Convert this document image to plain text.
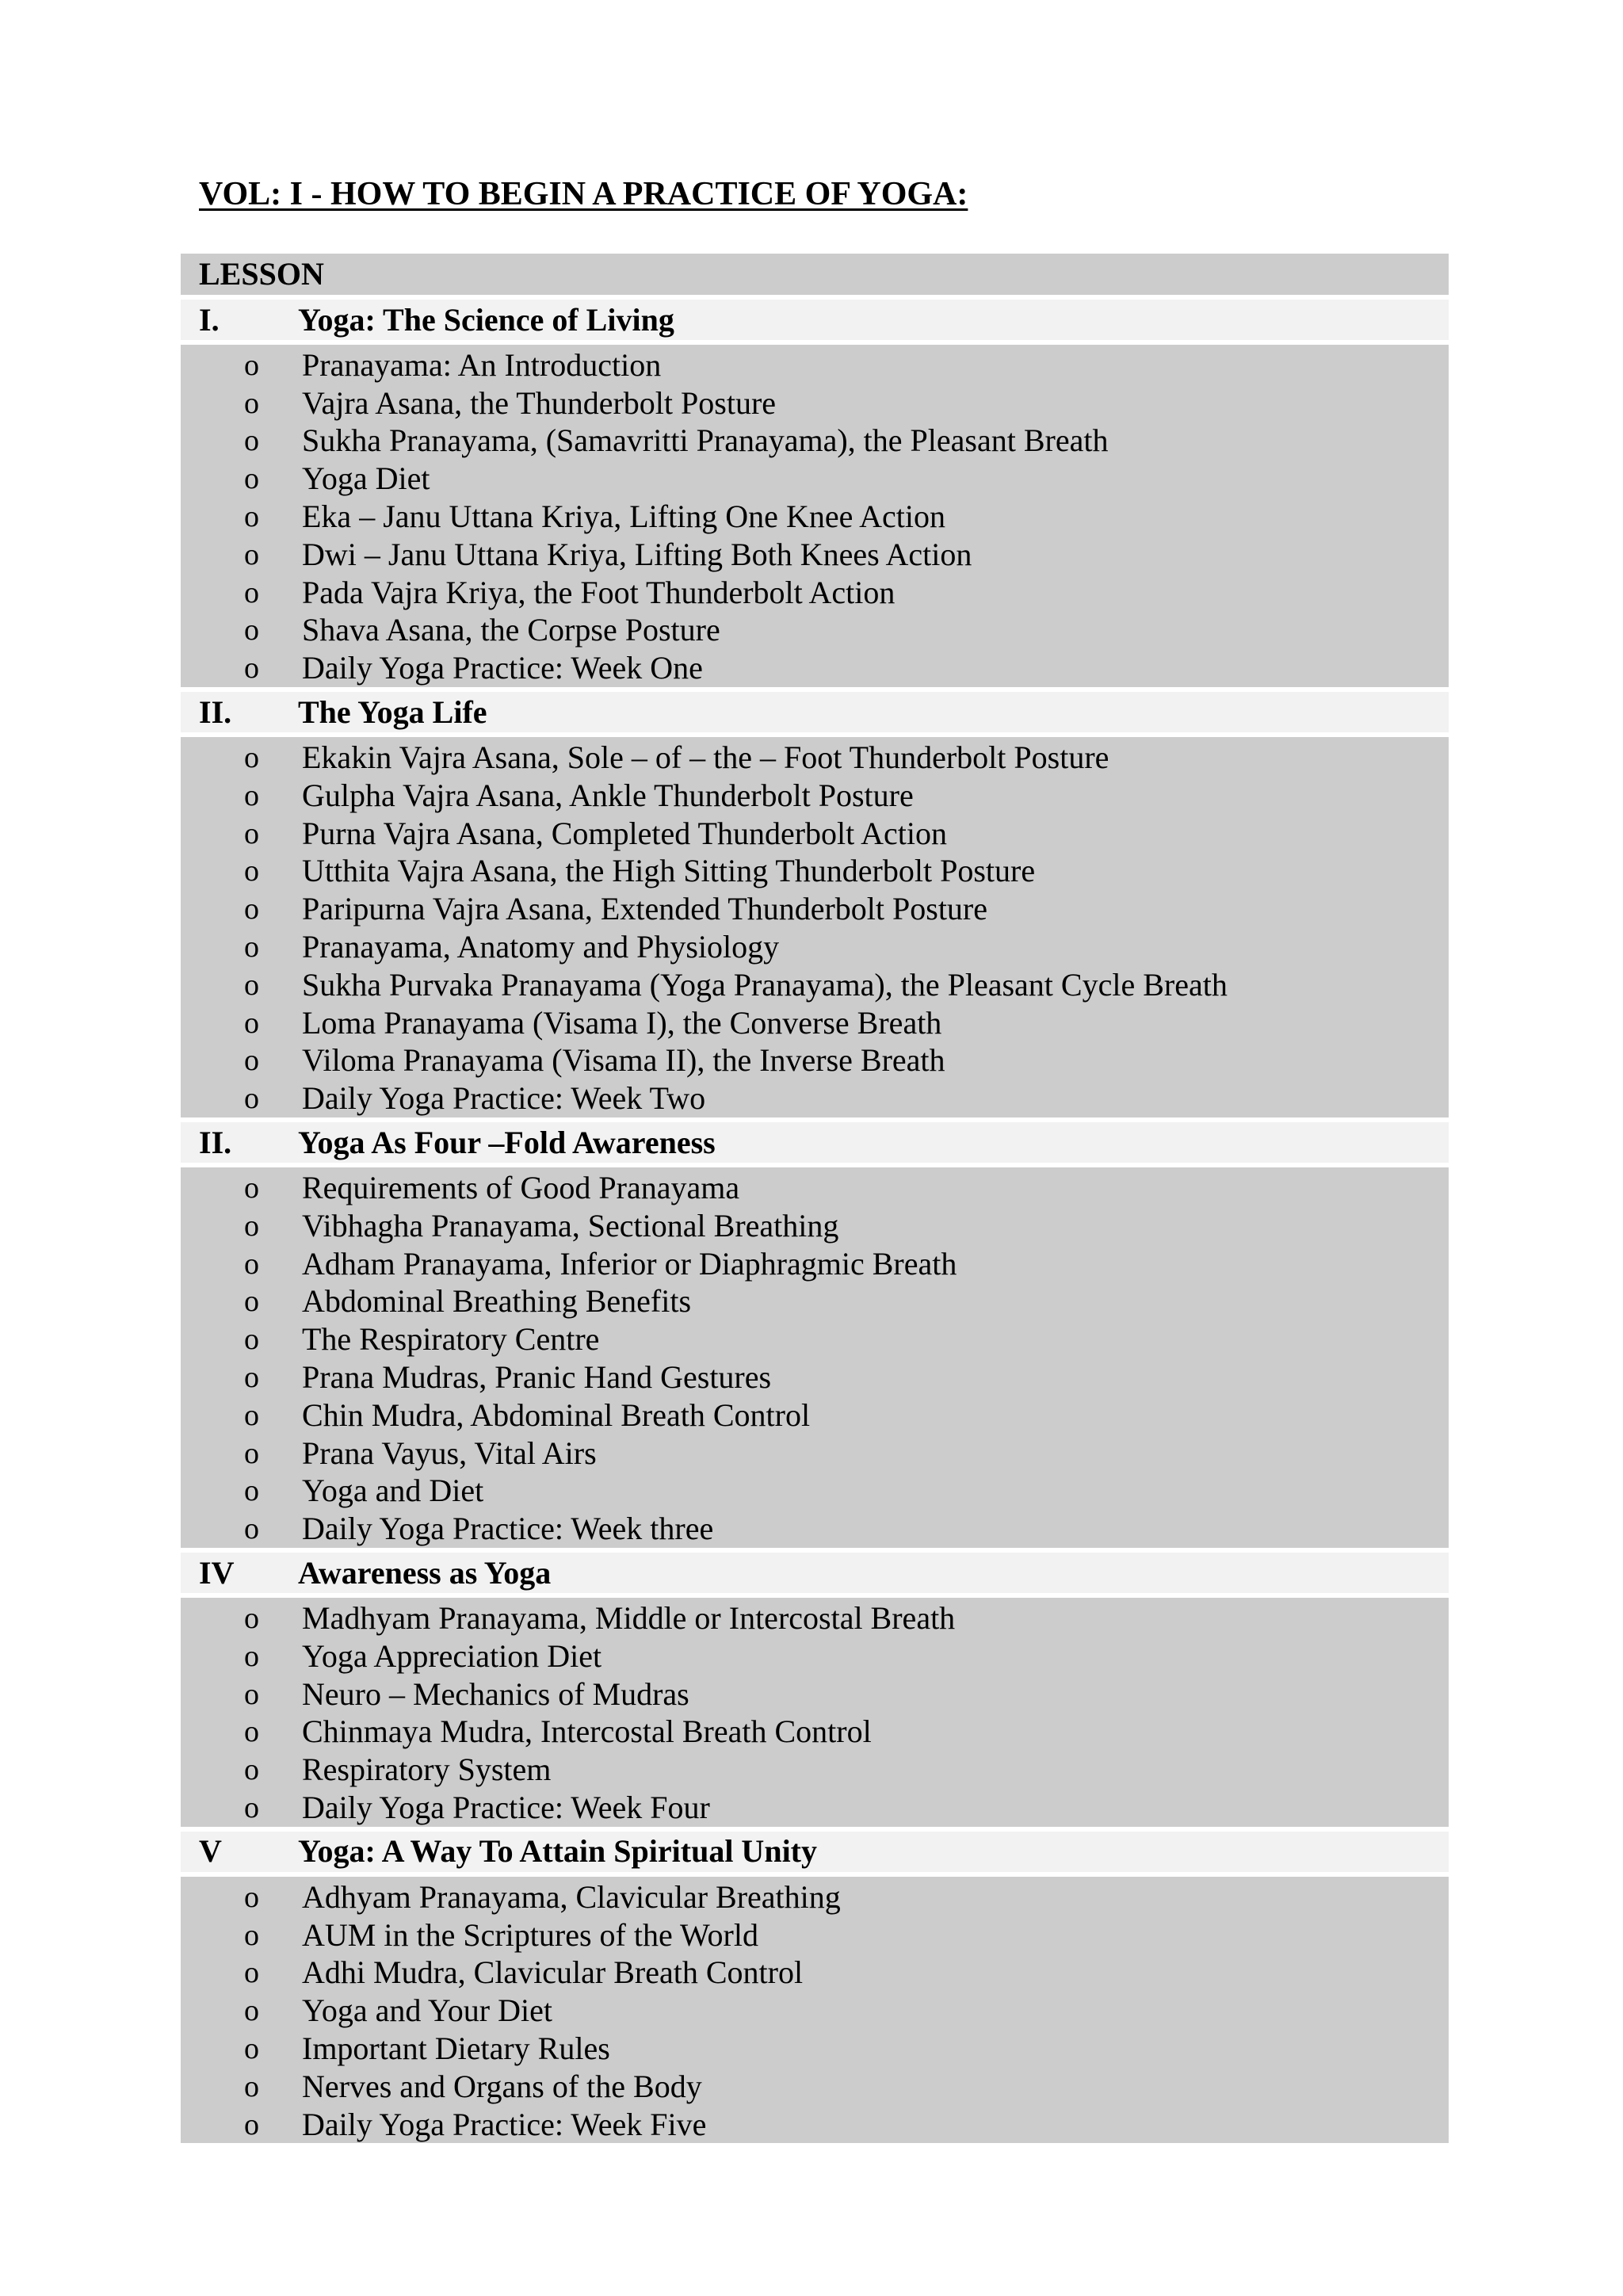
VOL: I - HOW TO BEGIN A PRACTICE OF YOGA:
LESSON
I.	Yoga: The Science of Living
o	Pranayama: An Introduction
o	Vajra Asana, the Thunderbolt Posture
o	Sukha Pranayama, (Samavritti Pranayama), the Pleasant Breath
o	Yoga Diet
o	Eka – Janu Uttana Kriya, Lifting One Knee Action
o	Dwi – Janu Uttana Kriya, Lifting Both Knees Action
o	Pada Vajra Kriya, the Foot Thunderbolt Action
o	Shava Asana, the Corpse Posture
o	Daily Yoga Practice: Week One
II.	The Yoga Life
o	Ekakin Vajra Asana, Sole – of – the – Foot Thunderbolt Posture
o	Gulpha Vajra Asana, Ankle Thunderbolt Posture
o	Purna Vajra Asana, Completed Thunderbolt Action
o	Utthita Vajra Asana, the High Sitting Thunderbolt Posture
o	Paripurna Vajra Asana, Extended Thunderbolt Posture
o	Pranayama, Anatomy and Physiology
o	Sukha Purvaka Pranayama (Yoga Pranayama), the Pleasant Cycle Breath
o	Loma Pranayama (Visama I), the Converse Breath
o	Viloma Pranayama (Visama II), the Inverse Breath
o	Daily Yoga Practice: Week Two
II.	Yoga As Four –Fold Awareness
o	Requirements of Good Pranayama
o	Vibhagha Pranayama, Sectional Breathing
o	Adham Pranayama, Inferior or Diaphragmic Breath
o	Abdominal Breathing Benefits
o	The Respiratory Centre
o	Prana Mudras, Pranic Hand Gestures
o	Chin Mudra, Abdominal Breath Control
o	Prana Vayus, Vital Airs
o	Yoga and Diet
o	Daily Yoga Practice: Week three
IV	Awareness as Yoga
o	Madhyam Pranayama, Middle or Intercostal Breath
o	Yoga Appreciation Diet
o	Neuro – Mechanics of Mudras
o	Chinmaya Mudra, Intercostal Breath Control
o	Respiratory System
o	Daily Yoga Practice: Week Four
V	Yoga: A Way To Attain Spiritual Unity
o	Adhyam Pranayama, Clavicular Breathing
o	AUM in the Scriptures of the World
o	Adhi Mudra, Clavicular Breath Control
o	Yoga and Your Diet
o	Important Dietary Rules
o	Nerves and Organs of the Body
o	Daily Yoga Practice: Week Five
